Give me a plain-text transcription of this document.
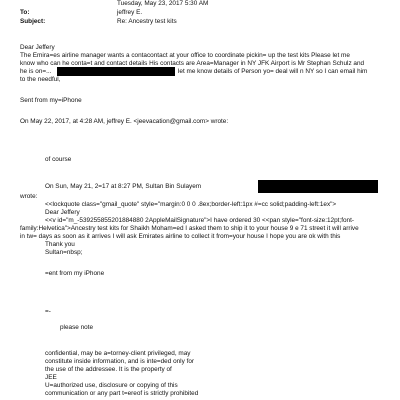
Tuesday, May 23, 2017 5:30 AM
To:	jeffrey E.
Subject:	Re: Ancestry test kits
Dear Jeffery
The Emira=es airline manager wants a contacontact at your office to coordinate pickin= up the test kits Please let me
know who can he conta=t and contact details His contacts are Area=Manager in NY JFK Airport is Mr Stephan Schulz and
he is on=...	let me know details of Person yo= deal will n NY so I can email him
to the needful,
Sent from my=iPhone
On May 22, 2017, at 4:28 AM, jeffrey E. <jeevacation@gmail.com> wrote:
of course
On Sun, May 21, 2=17 at 8:27 PM, Sultan Bin Sulayem
wrote:
<<lockquote class="gmail_quote" style="margin:0 0 0 .8ex;border-left:1px #=cc solid;padding-left:1ex">
Dear Jeffery
<<v id="m_-539255855201884880 2AppleMailSignature">I have ordered 30 <<pan style="font-size:12pt;font-
family:Helvetica">Ancestry test kits for Shaikh Moham=ed I asked them to ship it to your house 9 e 71 street it will arrive
in tw= days as soon as it arrives I will ask Emirates airline to collect it from=your house I hope you are ok with this
Thank you
Sultan=nbsp;
=ent from my iPhone
=-
please note
confidential, may be a=torney-client privileged, may
constitute inside information, and is inte=ded only for
the use of the addressee. It is the property of
JEE
U=authorized use, disclosure or copying of this
communication or any part t=ereof is strictly prohibited
